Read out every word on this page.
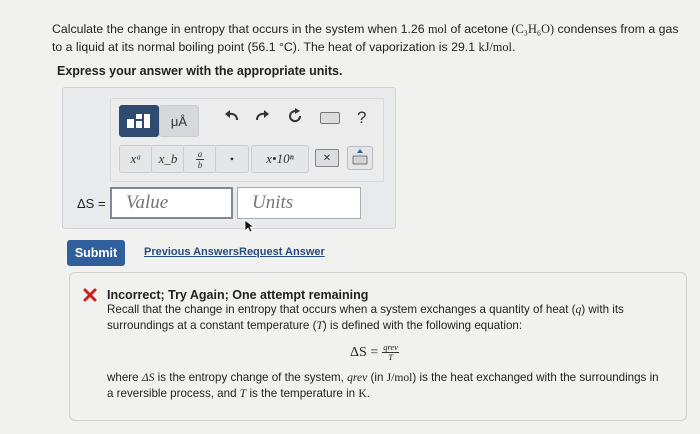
Calculate the change in entropy that occurs in the system when 1.26 mol of acetone (C₃H₆O) condenses from a gas to a liquid at its normal boiling point (56.1 °C). The heat of vaporization is 29.1 kJ/mol.
Express your answer with the appropriate units.
μÅ	?
xᵃ x_b $\frac{a}{b}$	•	x•10ⁿ	✕
ΔS =
Value
Units
Submit	Previous Answers Request Answer
Incorrect; Try Again; One attempt remaining
Recall that the change in entropy that occurs when a system exchanges a quantity of heat (q) with its surroundings at a constant temperature (T) is defined with the following equation:
$\Delta S = \frac{\text{qrev}}{T}$
where ΔS is the entropy change of the system, qrev (in J/mol) is the heat exchanged with the surroundings in a reversible process, and T is the temperature in K.
